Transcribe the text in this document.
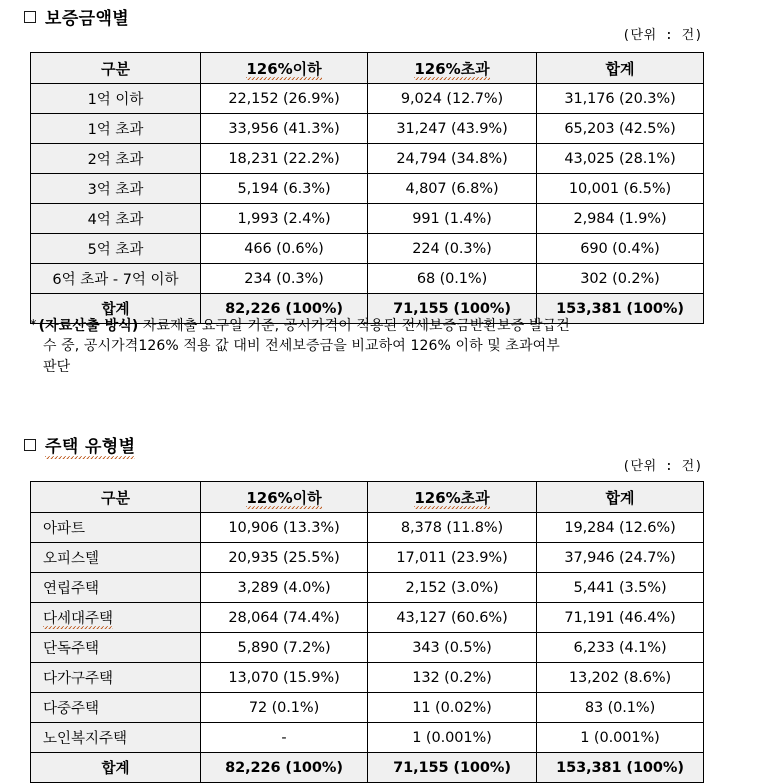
보증금액별
(단위 : 건)
구분	126%이하	126%초과	합계
1억 이하	22,152 (26.9%)	9,024 (12.7%)	31,176 (20.3%)
1억 초과	33,956 (41.3%)	31,247 (43.9%)	65,203 (42.5%)
2억 초과	18,231 (22.2%)	24,794 (34.8%)	43,025 (28.1%)
3억 초과	5,194 (6.3%)	4,807 (6.8%)	10,001 (6.5%)
4억 초과	1,993 (2.4%)	991 (1.4%)	2,984 (1.9%)
5억 초과	466 (0.6%)	224 (0.3%)	690 (0.4%)
6억 초과 - 7억 이하	234 (0.3%)	68 (0.1%)	302 (0.2%)
합계	82,226 (100%)	71,155 (100%)	153,381 (100%)
* (자료산출 방식) 자료제출 요구일 기준, 공시가격이 적용된 전세보증금반환보증 발급건
수 중, 공시가격126% 적용 값 대비 전세보증금을 비교하여 126% 이하 및 초과여부
판단
주택 유형별
(단위 : 건)
구분	126%이하	126%초과	합계
아파트	10,906 (13.3%)	8,378 (11.8%)	19,284 (12.6%)
오피스텔	20,935 (25.5%)	17,011 (23.9%)	37,946 (24.7%)
연립주택	3,289 (4.0%)	2,152 (3.0%)	5,441 (3.5%)
다세대주택	28,064 (74.4%)	43,127 (60.6%)	71,191 (46.4%)
단독주택	5,890 (7.2%)	343 (0.5%)	6,233 (4.1%)
다가구주택	13,070 (15.9%)	132 (0.2%)	13,202 (8.6%)
다중주택	72 (0.1%)	11 (0.02%)	83 (0.1%)
노인복지주택	-	1 (0.001%)	1 (0.001%)
합계	82,226 (100%)	71,155 (100%)	153,381 (100%)
